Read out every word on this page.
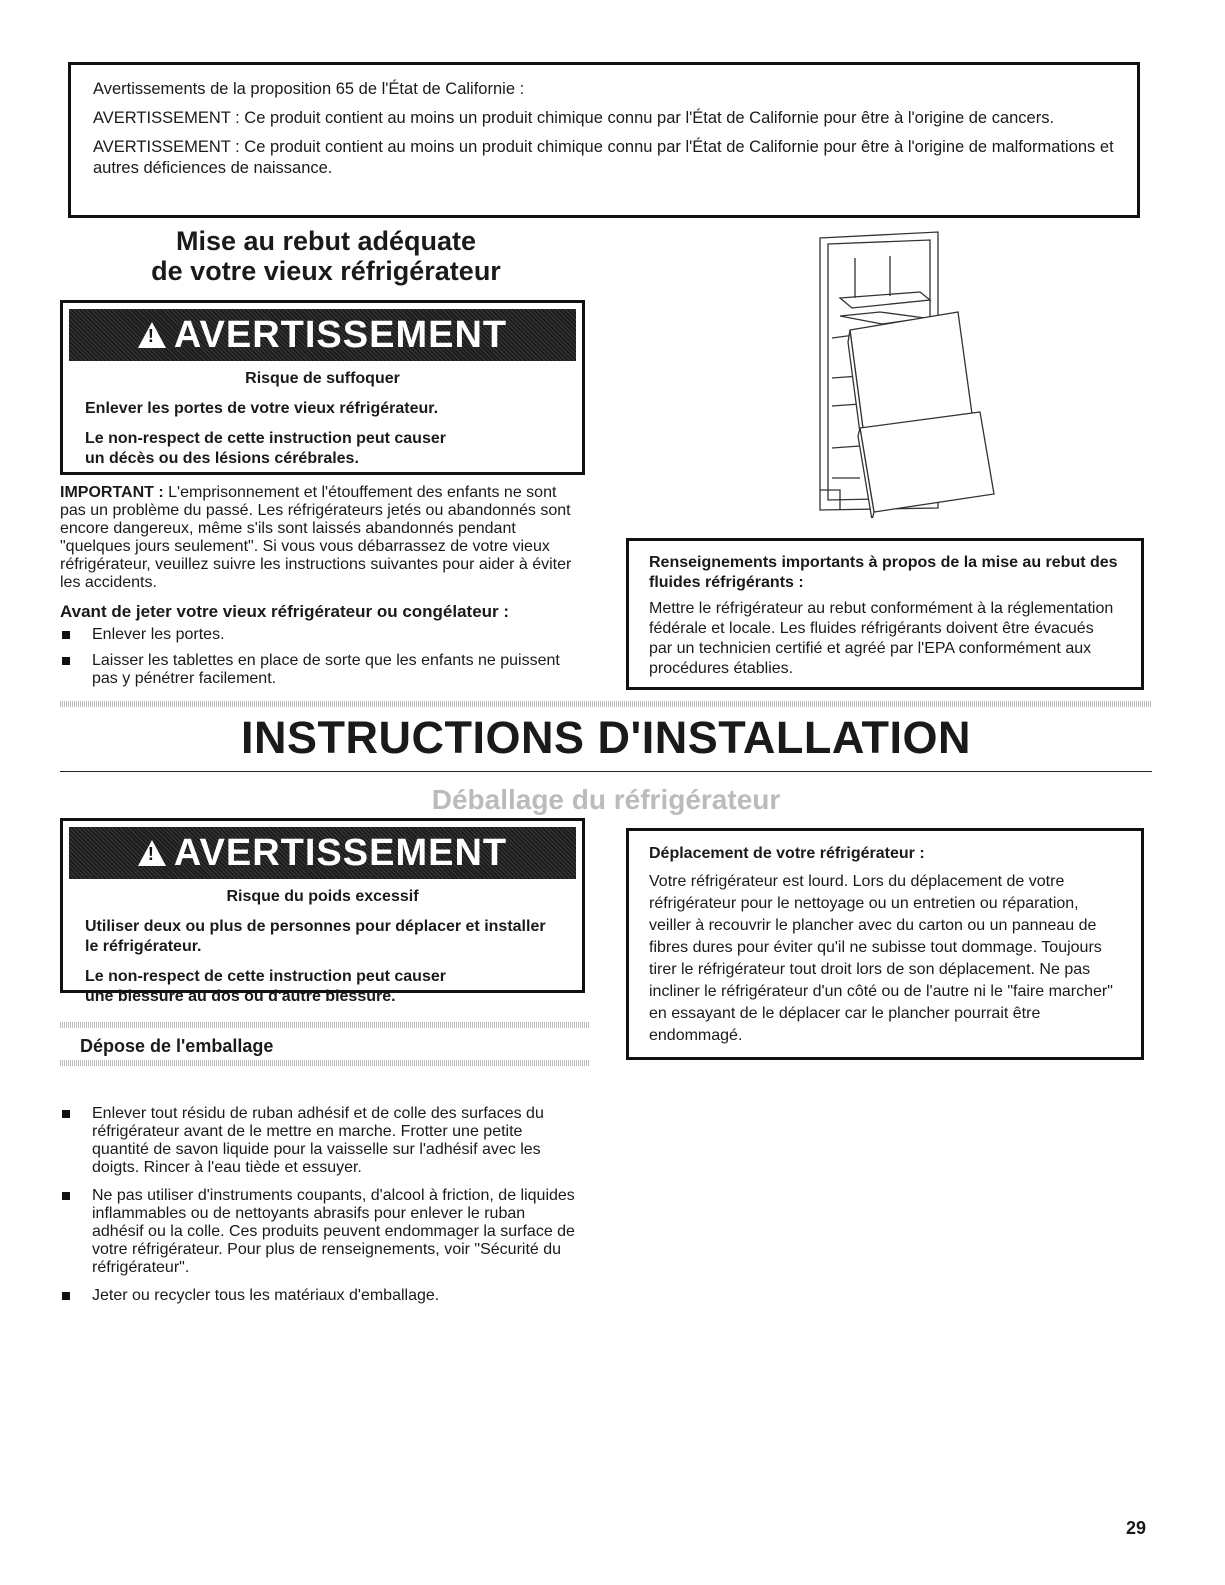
Avertissements de la proposition 65 de l'État de Californie :

AVERTISSEMENT : Ce produit contient au moins un produit chimique connu par l'État de Californie pour être à l'origine de cancers.

AVERTISSEMENT : Ce produit contient au moins un produit chimique connu par l'État de Californie pour être à l'origine de malformations et autres déficiences de naissance.

Mise au rebut adéquate
de votre vieux réfrigérateur
!
AVERTISSEMENT

Risque de suffoquer

Enlever les portes de votre vieux réfrigérateur.

Le non-respect de cette instruction peut causer
un décès ou des lésions cérébrales.

IMPORTANT : L'emprisonnement et l'étouffement des enfants ne sont pas un problème du passé. Les réfrigérateurs jetés ou abandonnés sont encore dangereux, même s'ils sont laissés abandonnés pendant "quelques jours seulement". Si vous vous débarrassez de votre vieux réfrigérateur, veuillez suivre les instructions suivantes pour aider à éviter les accidents.

Avant de jeter votre vieux réfrigérateur ou congélateur :
Enlever les portes.
Laisser les tablettes en place de sorte que les enfants ne puissent pas y pénétrer facilement.

Renseignements importants à propos de la mise au rebut des fluides réfrigérants :

Mettre le réfrigérateur au rebut conformément à la réglementation fédérale et locale. Les fluides réfrigérants doivent être évacués par un technicien certifié et agréé par l'EPA conformément aux procédures établies.

INSTRUCTIONS D'INSTALLATION
Déballage du réfrigérateur
!
AVERTISSEMENT

Risque du poids excessif

Utiliser deux ou plus de personnes pour déplacer et installer le réfrigérateur.

Le non-respect de cette instruction peut causer
une blessure au dos ou d'autre blessure.

Déplacement de votre réfrigérateur :

Votre réfrigérateur est lourd. Lors du déplacement de votre réfrigérateur pour le nettoyage ou un entretien ou réparation, veiller à recouvrir le plancher avec du carton ou un panneau de fibres dures pour éviter qu'il ne subisse tout dommage. Toujours tirer le réfrigérateur tout droit lors de son déplacement. Ne pas incliner le réfrigérateur d'un côté ou de l'autre ni le "faire marcher" en essayant de le déplacer car le plancher pourrait être endommagé.

Dépose de l'emballage
Enlever tout résidu de ruban adhésif et de colle des surfaces du réfrigérateur avant de le mettre en marche. Frotter une petite quantité de savon liquide pour la vaisselle sur l'adhésif avec les doigts. Rincer à l'eau tiède et essuyer.
Ne pas utiliser d'instruments coupants, d'alcool à friction, de liquides inflammables ou de nettoyants abrasifs pour enlever le ruban adhésif ou la colle. Ces produits peuvent endommager la surface de votre réfrigérateur. Pour plus de renseignements, voir "Sécurité du réfrigérateur".
Jeter ou recycler tous les matériaux d'emballage.
29
